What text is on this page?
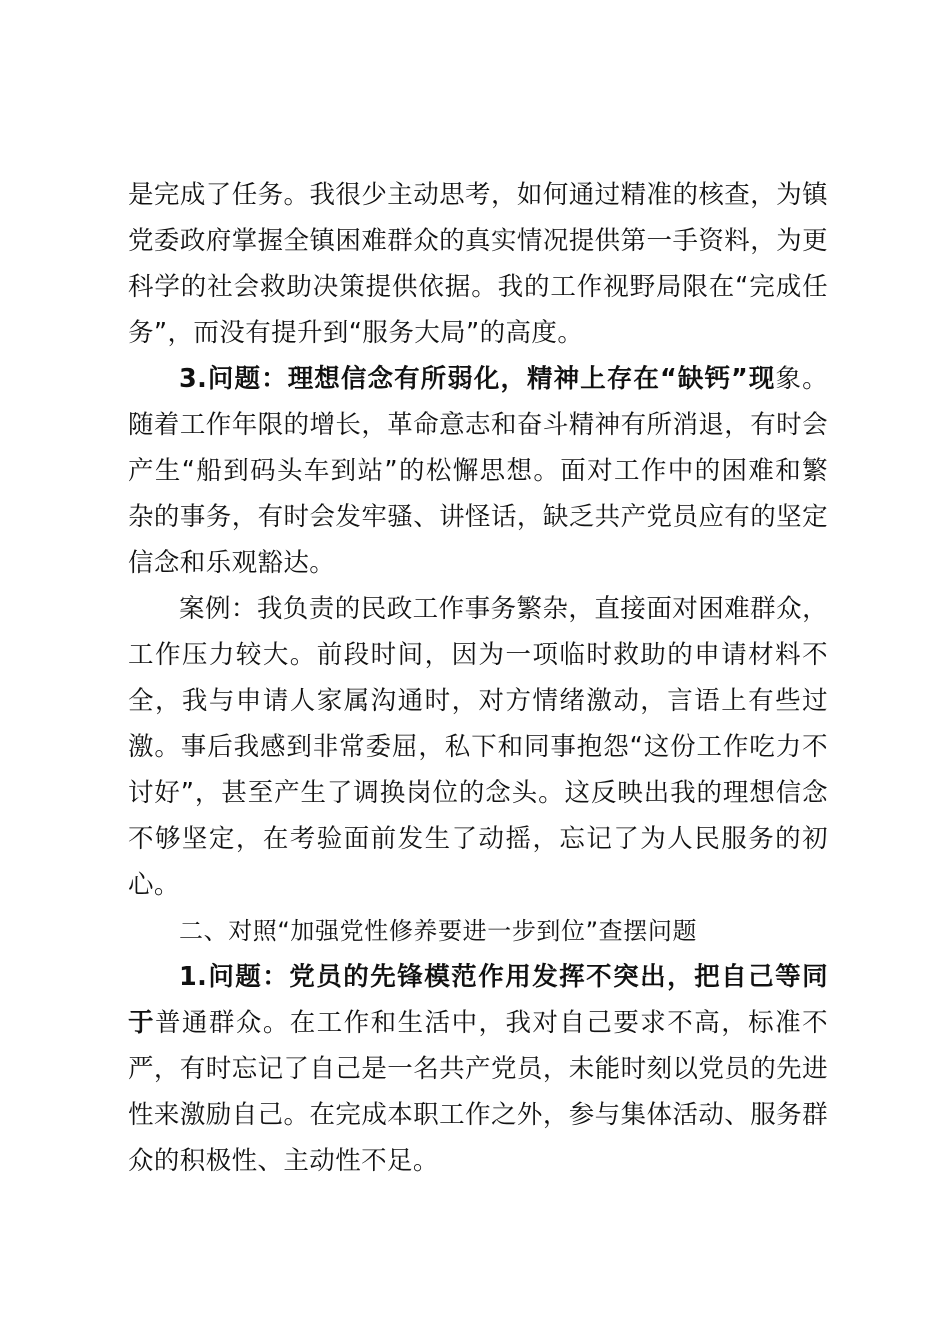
是完成了任务。我很少主动思考，如何通过精准的核查，为镇党委政府掌握全镇困难群众的真实情况提供第一手资料，为更科学的社会救助决策提供依据。我的工作视野局限在“完成任务”，而没有提升到“服务大局”的高度。

3.问题：理想信念有所弱化，精神上存在“缺钙”现象。随着工作年限的增长，革命意志和奋斗精神有所消退，有时会产生“船到码头车到站”的松懈思想。面对工作中的困难和繁杂的事务，有时会发牢骚、讲怪话，缺乏共产党员应有的坚定信念和乐观豁达。

案例：我负责的民政工作事务繁杂，直接面对困难群众，工作压力较大。前段时间，因为一项临时救助的申请材料不全，我与申请人家属沟通时，对方情绪激动，言语上有些过激。事后我感到非常委屈，私下和同事抱怨“这份工作吃力不讨好”，甚至产生了调换岗位的念头。这反映出我的理想信念不够坚定，在考验面前发生了动摇，忘记了为人民服务的初心。

二、对照“加强党性修养要进一步到位”查摆问题

1.问题：党员的先锋模范作用发挥不突出，把自己等同于普通群众。在工作和生活中，我对自己要求不高，标准不严，有时忘记了自己是一名共产党员，未能时刻以党员的先进性来激励自己。在完成本职工作之外，参与集体活动、服务群众的积极性、主动性不足。
